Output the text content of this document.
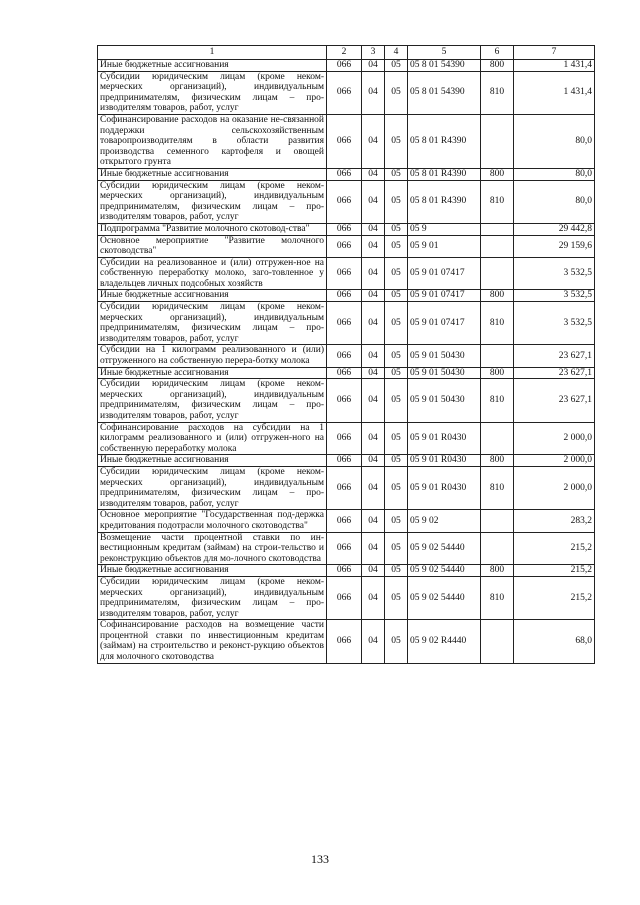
1	2	3	4	5	6	7
Иные бюджетные ассигнования	066	04	05	05 8 01 54390	800	1 431,4
Субсидии юридическим лицам (кроме неком-мерческих организаций), индивидуальным предпринимателям, физическим лицам – про-изводителям товаров, работ, услуг	066	04	05	05 8 01 54390	810	1 431,4
Софинансирование расходов на оказание не-связанной поддержки сельскохозяйственным товаропроизводителям в области развития производства семенного картофеля и овощей открытого грунта	066	04	05	05 8 01 R4390		80,0
Иные бюджетные ассигнования	066	04	05	05 8 01 R4390	800	80,0
Субсидии юридическим лицам (кроме неком-мерческих организаций), индивидуальным предпринимателям, физическим лицам – про-изводителям товаров, работ, услуг	066	04	05	05 8 01 R4390	810	80,0
Подпрограмма "Развитие молочного скотовод-ства"	066	04	05	05 9		29 442,8
Основное мероприятие "Развитие молочного скотоводства"	066	04	05	05 9 01		29 159,6
Субсидии на реализованное и (или) отгружен-ное на собственную переработку молоко, заго-товленное у владельцев личных подсобных хозяйств	066	04	05	05 9 01 07417		3 532,5
Иные бюджетные ассигнования	066	04	05	05 9 01 07417	800	3 532,5
Субсидии юридическим лицам (кроме неком-мерческих организаций), индивидуальным предпринимателям, физическим лицам – про-изводителям товаров, работ, услуг	066	04	05	05 9 01 07417	810	3 532,5
Субсидии на 1 килограмм реализованного и (или) отгруженного на собственную перера-ботку молока	066	04	05	05 9 01 50430		23 627,1
Иные бюджетные ассигнования	066	04	05	05 9 01 50430	800	23 627,1
Субсидии юридическим лицам (кроме неком-мерческих организаций), индивидуальным предпринимателям, физическим лицам – про-изводителям товаров, работ, услуг	066	04	05	05 9 01 50430	810	23 627,1
Софинансирование расходов на субсидии на 1 килограмм реализованного и (или) отгружен-ного на собственную переработку молока	066	04	05	05 9 01 R0430		2 000,0
Иные бюджетные ассигнования	066	04	05	05 9 01 R0430	800	2 000,0
Субсидии юридическим лицам (кроме неком-мерческих организаций), индивидуальным предпринимателям, физическим лицам – про-изводителям товаров, работ, услуг	066	04	05	05 9 01 R0430	810	2 000,0
Основное мероприятие "Государственная под-держка кредитования подотрасли молочного скотоводства"	066	04	05	05 9 02		283,2
Возмещение части процентной ставки по ин-вестиционным кредитам (займам) на строи-тельство и реконструкцию объектов для мо-лочного скотоводства	066	04	05	05 9 02 54440		215,2
Иные бюджетные ассигнования	066	04	05	05 9 02 54440	800	215,2
Субсидии юридическим лицам (кроме неком-мерческих организаций), индивидуальным предпринимателям, физическим лицам – про-изводителям товаров, работ, услуг	066	04	05	05 9 02 54440	810	215,2
Софинансирование расходов на возмещение части процентной ставки по инвестиционным кредитам (займам) на строительство и реконст-рукцию объектов для молочного скотоводства	066	04	05	05 9 02 R4440		68,0
133
